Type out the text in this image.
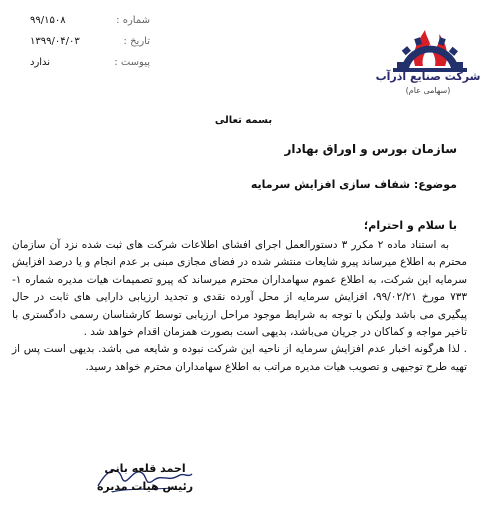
شرکت صنایع آذرآب
(سهامی عام)
شماره :
۹۹/۱۵۰۸
تاریخ :
۱۳۹۹/۰۴/۰۳
پیوست :
ندارد
بسمه تعالی
سازمان بورس و اوراق بهادار
موضوع: شفاف سازی افزایش سرمایه
با سلام و احترام؛

به استناد ماده ۲ مکرر ۳ دستورالعمل اجرای افشای اطلاعات شرکت های ثبت شده نزد آن سازمان محترم به اطلاع میرساند پیرو شایعات منتشر شده در فضای مجازی مبنی بر عدم انجام و یا درصد افزایش سرمایه این شرکت، به اطلاع عموم سهامداران محترم میرساند که پیرو تصمیمات هیات مدیره شماره ۱- ۷۳۳ مورخ ۹۹/۰۲/۲۱، افزایش سرمایه از محل آورده نقدی و تجدید ارزیابی دارایی های ثابت در حال پیگیری می باشد ولیکن با توجه به شرایط موجود مراحل ارزیابی توسط کارشناسان رسمی دادگستری با تاخیر مواجه و کماکان در جریان می‌باشد، بدیهی است بصورت همزمان اقدام خواهد شد .

. لذا هرگونه اخبار عدم افزایش سرمایه از ناحیه این شرکت نبوده و شایعه می باشد. بدیهی است پس از تهیه طرح توجیهی و تصویب هیات مدیره مراتب به اطلاع سهامداران محترم خواهد رسید.

احمد قلعه بانی
رئیس هیات مدیره
